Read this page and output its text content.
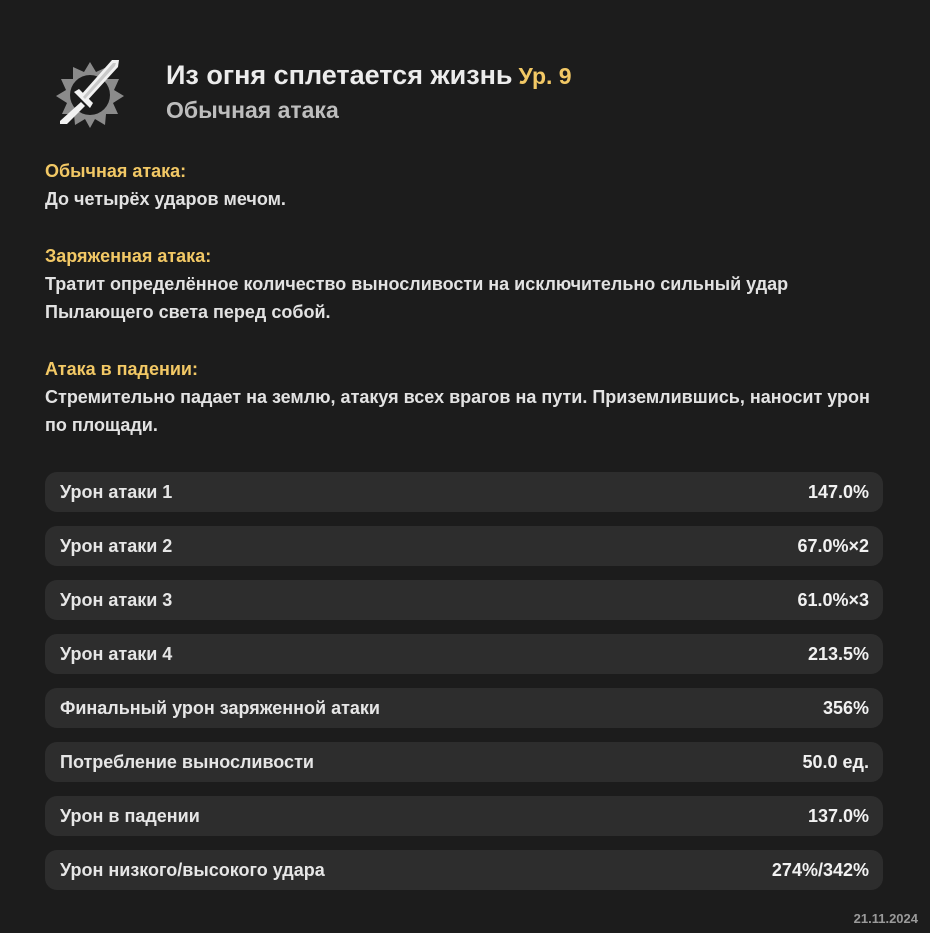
Из огня сплетается жизнь Ур. 9
Обычная атака
Обычная атака:
До четырёх ударов мечом.
Заряженная атака:
Тратит определённое количество выносливости на исключительно сильный удар Пылающего света перед собой.
Атака в падении:
Стремительно падает на землю, атакуя всех врагов на пути. Приземлившись, наносит урон по площади.
Урон атаки 1	147.0%
Урон атаки 2	67.0%×2
Урон атаки 3	61.0%×3
Урон атаки 4	213.5%
Финальный урон заряженной атаки	356%
Потребление выносливости	50.0 ед.
Урон в падении	137.0%
Урон низкого/высокого удара	274%/342%
21.11.2024
